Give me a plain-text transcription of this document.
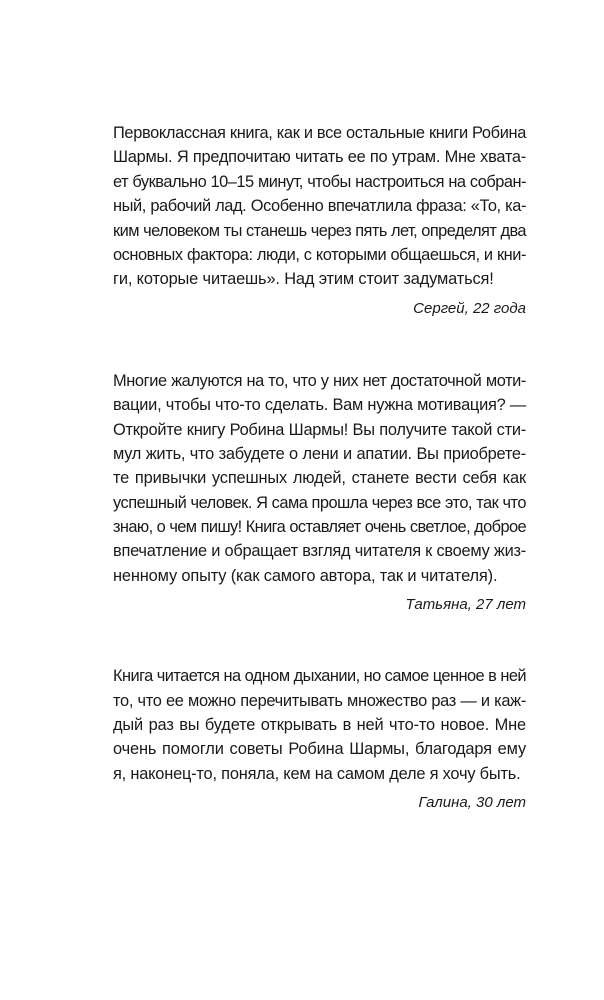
Первоклассная книга, как и все остальные книги Робина
Шармы. Я предпочитаю читать ее по утрам. Мне хвата-
ет буквально 10–15 минут, чтобы настроиться на собран-
ный, рабочий лад. Особенно впечатлила фраза: «То, ка-
ким человеком ты станешь через пять лет, определят два
основных фактора: люди, с которыми общаешься, и кни-
ги, которые читаешь». Над этим стоит задуматься!
Сергей, 22 года
Многие жалуются на то, что у них нет достаточной моти-
вации, чтобы что-то сделать. Вам нужна мотивация? —
Откройте книгу Робина Шармы! Вы получите такой сти-
мул жить, что забудете о лени и апатии. Вы приобрете-
те привычки успешных людей, станете вести себя как
успешный человек. Я сама прошла через все это, так что
знаю, о чем пишу! Книга оставляет очень светлое, доброе
впечатление и обращает взгляд читателя к своему жиз-
ненному опыту (как самого автора, так и читателя).
Татьяна, 27 лет
Книга читается на одном дыхании, но самое ценное в ней
то, что ее можно перечитывать множество раз — и каж-
дый раз вы будете открывать в ней что-то новое. Мне
очень помогли советы Робина Шармы, благодаря ему
я, наконец-то, поняла, кем на самом деле я хочу быть.
Галина, 30 лет
